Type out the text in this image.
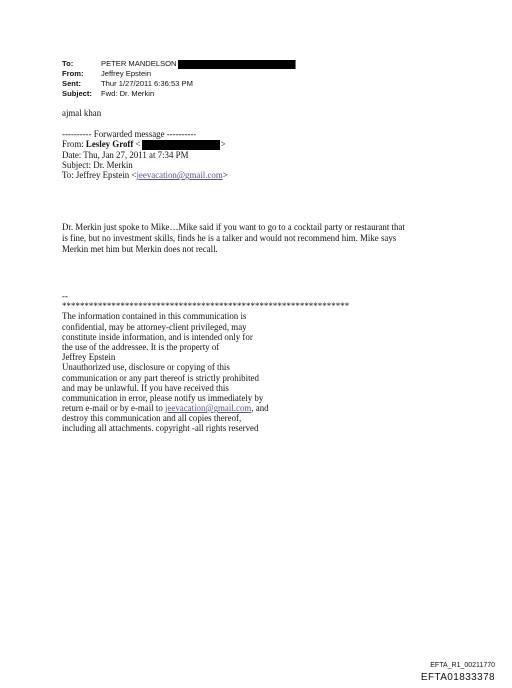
To:	PETER MANDELSON
From:	Jeffrey Epstein
Sent:	Thur 1/27/2011 6:36:53 PM
Subject:	Fwd: Dr. Merkin
ajmal khan
---------- Forwarded message ----------
From: Lesley Groff <	>
Date: Thu, Jan 27, 2011 at 7:34 PM
Subject: Dr. Merkin
To: Jeffrey Epstein <jeevacation@gmail.com>
Dr. Merkin just spoke to Mike…Mike said if you want to go to a cocktail party or restaurant that
is fine, but no investment skills, finds he is a talker and would not recommend him. Mike says
Merkin met him but Merkin does not recall.
--
****************************************************************
The information contained in this communication is
confidential, may be attorney-client privileged, may
constitute inside information, and is intended only for
the use of the addressee. It is the property of
Jeffrey Epstein
Unauthorized use, disclosure or copying of this
communication or any part thereof is strictly prohibited
and may be unlawful. If you have received this
communication in error, please notify us immediately by
return e-mail or by e-mail to jeevacation@gmail.com, and
destroy this communication and all copies thereof,
including all attachments. copyright -all rights reserved
EFTA_R1_00211770
EFTA01833378
